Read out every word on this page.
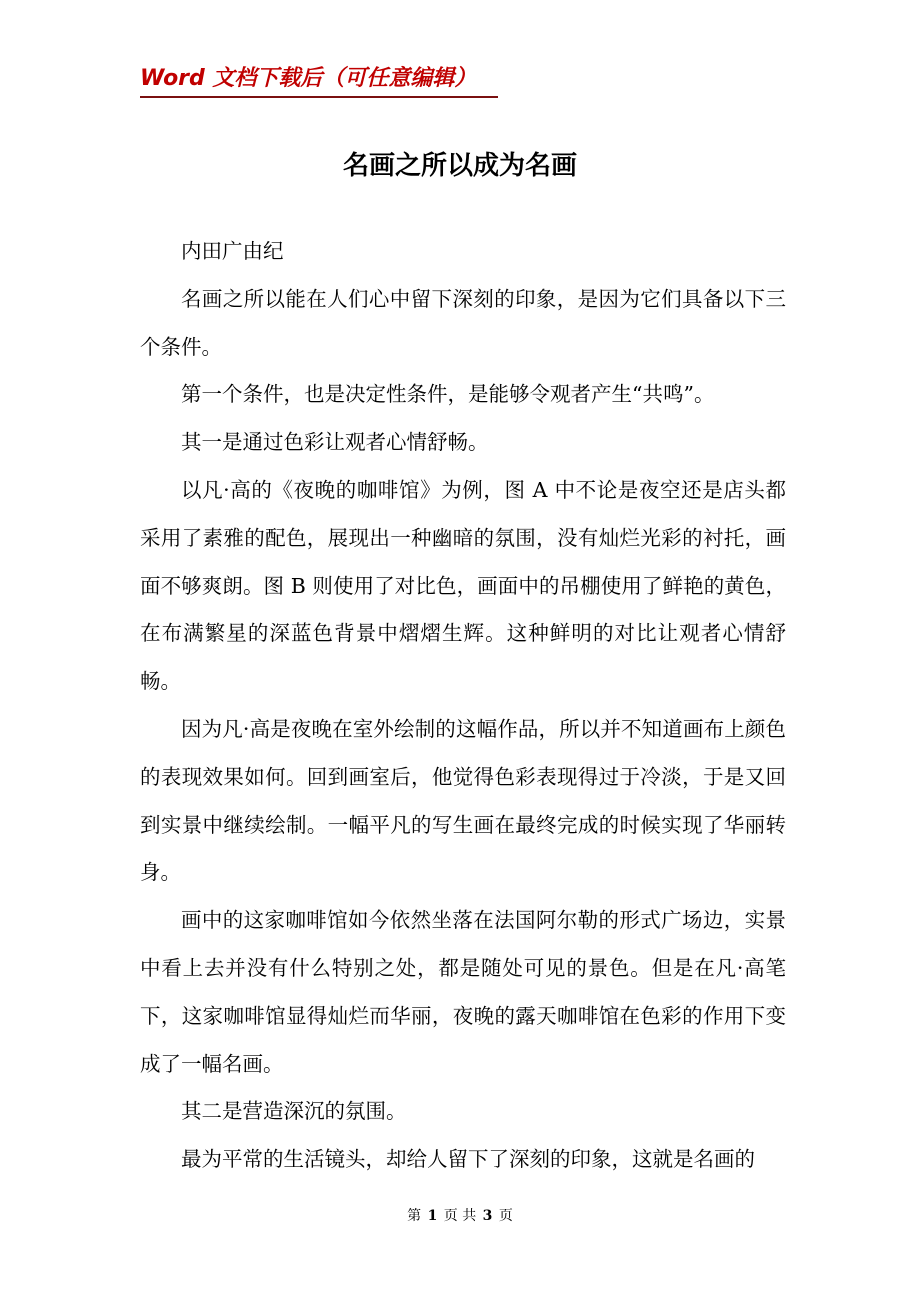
Word 文档下载后（可任意编辑）
名画之所以成为名画

内田广由纪

名画之所以能在人们心中留下深刻的印象，是因为它们具备以下三个条件。

第一个条件，也是决定性条件，是能够令观者产生“共鸣”。

其一是通过色彩让观者心情舒畅。

以凡·高的《夜晚的咖啡馆》为例，图 A 中不论是夜空还是店头都采用了素雅的配色，展现出一种幽暗的氛围，没有灿烂光彩的衬托，画面不够爽朗。图 B 则使用了对比色，画面中的吊棚使用了鲜艳的黄色，在布满繁星的深蓝色背景中熠熠生辉。这种鲜明的对比让观者心情舒畅。

因为凡·高是夜晚在室外绘制的这幅作品，所以并不知道画布上颜色的表现效果如何。回到画室后，他觉得色彩表现得过于冷淡，于是又回到实景中继续绘制。一幅平凡的写生画在最终完成的时候实现了华丽转身。

画中的这家咖啡馆如今依然坐落在法国阿尔勒的形式广场边，实景中看上去并没有什么特别之处，都是随处可见的景色。但是在凡·高笔下，这家咖啡馆显得灿烂而华丽，夜晚的露天咖啡馆在色彩的作用下变成了一幅名画。

其二是营造深沉的氛围。

最为平常的生活镜头，却给人留下了深刻的印象，这就是名画的

第 1 页 共 3 页
